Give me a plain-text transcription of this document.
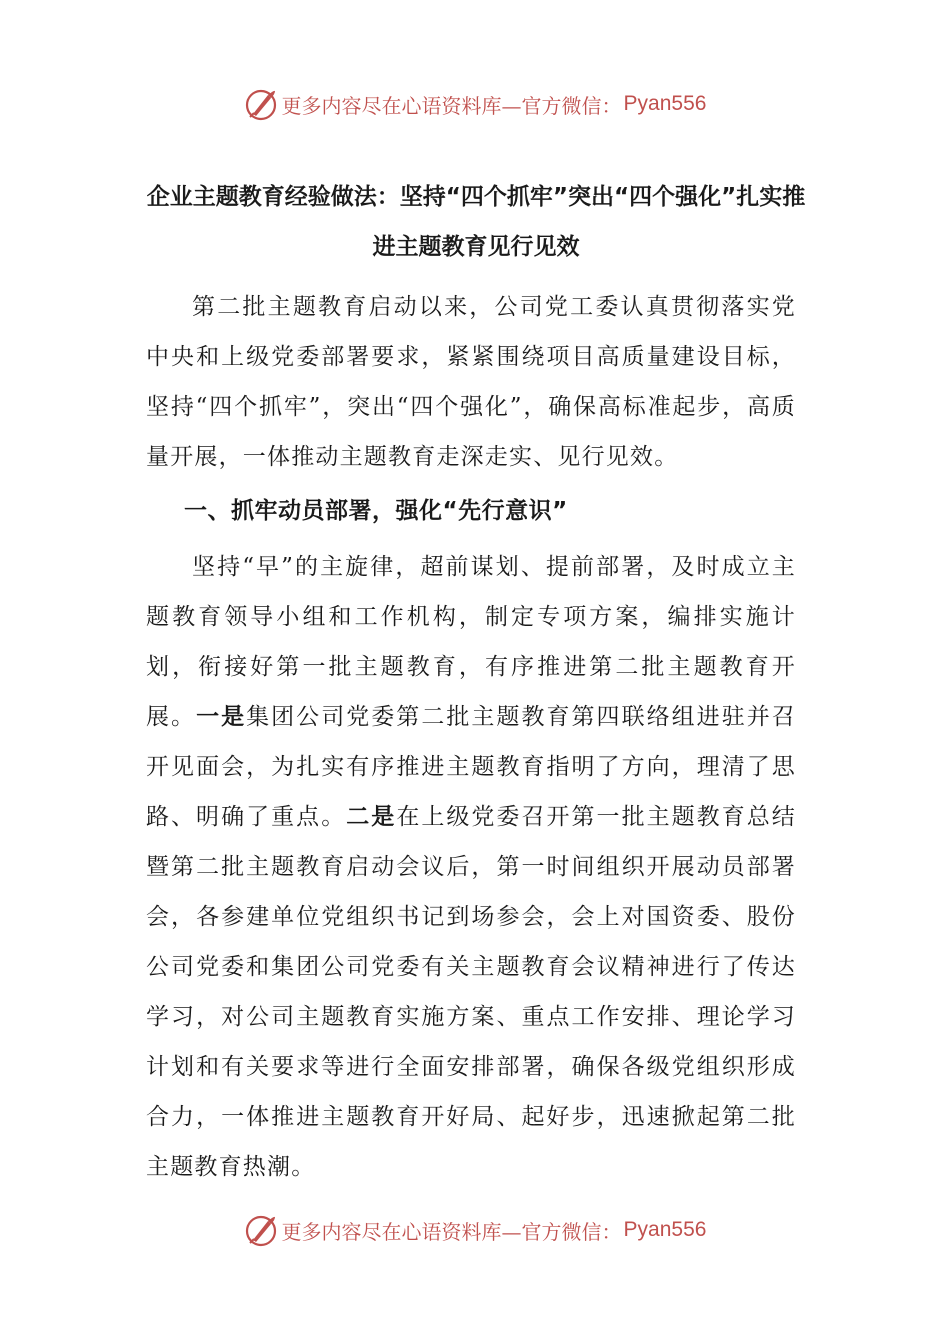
更多内容尽在心语资料库—官方微信： Pyan556
企业主题教育经验做法：坚持“四个抓牢”突出“四个强化”扎实推进主题教育见行见效

第二批主题教育启动以来，公司党工委认真贯彻落实党中央和上级党委部署要求，紧紧围绕项目高质量建设目标，坚持“四个抓牢”，突出“四个强化”，确保高标准起步，高质量开展，一体推动主题教育走深走实、见行见效。

一、抓牢动员部署，强化“先行意识”

坚持“早”的主旋律，超前谋划、提前部署，及时成立主题教育领导小组和工作机构，制定专项方案，编排实施计划，衔接好第一批主题教育，有序推进第二批主题教育开展。一是集团公司党委第二批主题教育第四联络组进驻并召开见面会，为扎实有序推进主题教育指明了方向，理清了思路、明确了重点。二是在上级党委召开第一批主题教育总结暨第二批主题教育启动会议后，第一时间组织开展动员部署会，各参建单位党组织书记到场参会，会上对国资委、股份公司党委和集团公司党委有关主题教育会议精神进行了传达学习，对公司主题教育实施方案、重点工作安排、理论学习计划和有关要求等进行全面安排部署，确保各级党组织形成合力，一体推进主题教育开好局、起好步，迅速掀起第二批主题教育热潮。

更多内容尽在心语资料库—官方微信： Pyan556
